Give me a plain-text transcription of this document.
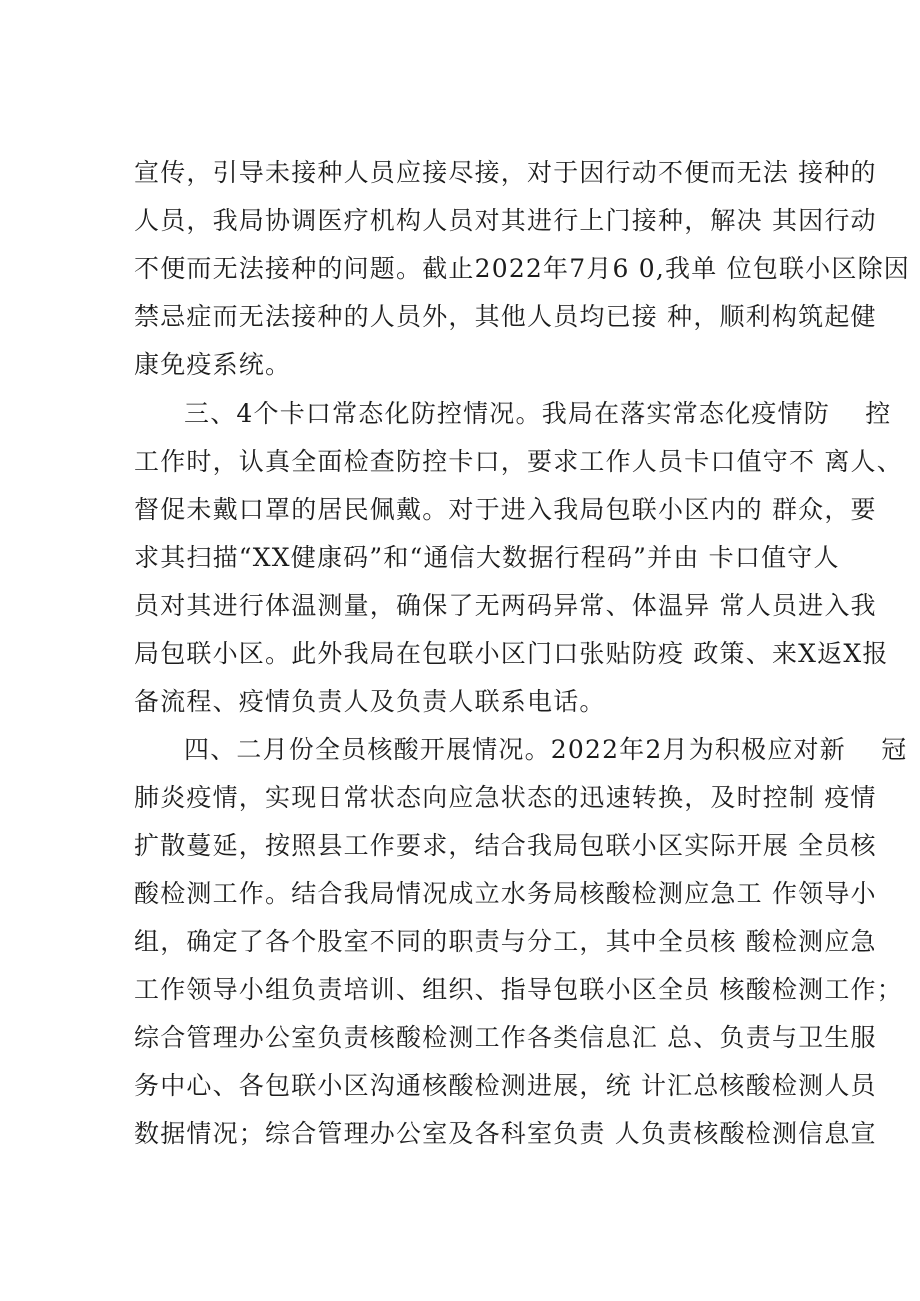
宣传，引导未接种人员应接尽接，对于因行动不便而无法 接种的
人员，我局协调医疗机构人员对其进行上门接种，解决 其因行动
不便而无法接种的问题。截止2022年7月6 0,我单 位包联小区除因
禁忌症而无法接种的人员外，其他人员均已接 种，顺利构筑起健
康免疫系统。
三、4个卡口常态化防控情况。我局在落实常态化疫情防　 控
工作时，认真全面检查防控卡口，要求工作人员卡口值守不 离人、
督促未戴口罩的居民佩戴。对于进入我局包联小区内的 群众，要
求其扫描“XX健康码”和“通信大数据行程码”并由 卡口值守人
员对其进行体温测量，确保了无两码异常、体温异 常人员进入我
局包联小区。此外我局在包联小区门口张贴防疫 政策、来X返X报
备流程、疫情负责人及负责人联系电话。
四、二月份全员核酸开展情况。2022年2月为积极应对新　 冠
肺炎疫情，实现日常状态向应急状态的迅速转换，及时控制 疫情
扩散蔓延，按照县工作要求，结合我局包联小区实际开展 全员核
酸检测工作。结合我局情况成立水务局核酸检测应急工 作领导小
组，确定了各个股室不同的职责与分工，其中全员核 酸检测应急
工作领导小组负责培训、组织、指导包联小区全员 核酸检测工作；
综合管理办公室负责核酸检测工作各类信息汇 总、负责与卫生服
务中心、各包联小区沟通核酸检测进展，统 计汇总核酸检测人员
数据情况；综合管理办公室及各科室负责 人负责核酸检测信息宣
